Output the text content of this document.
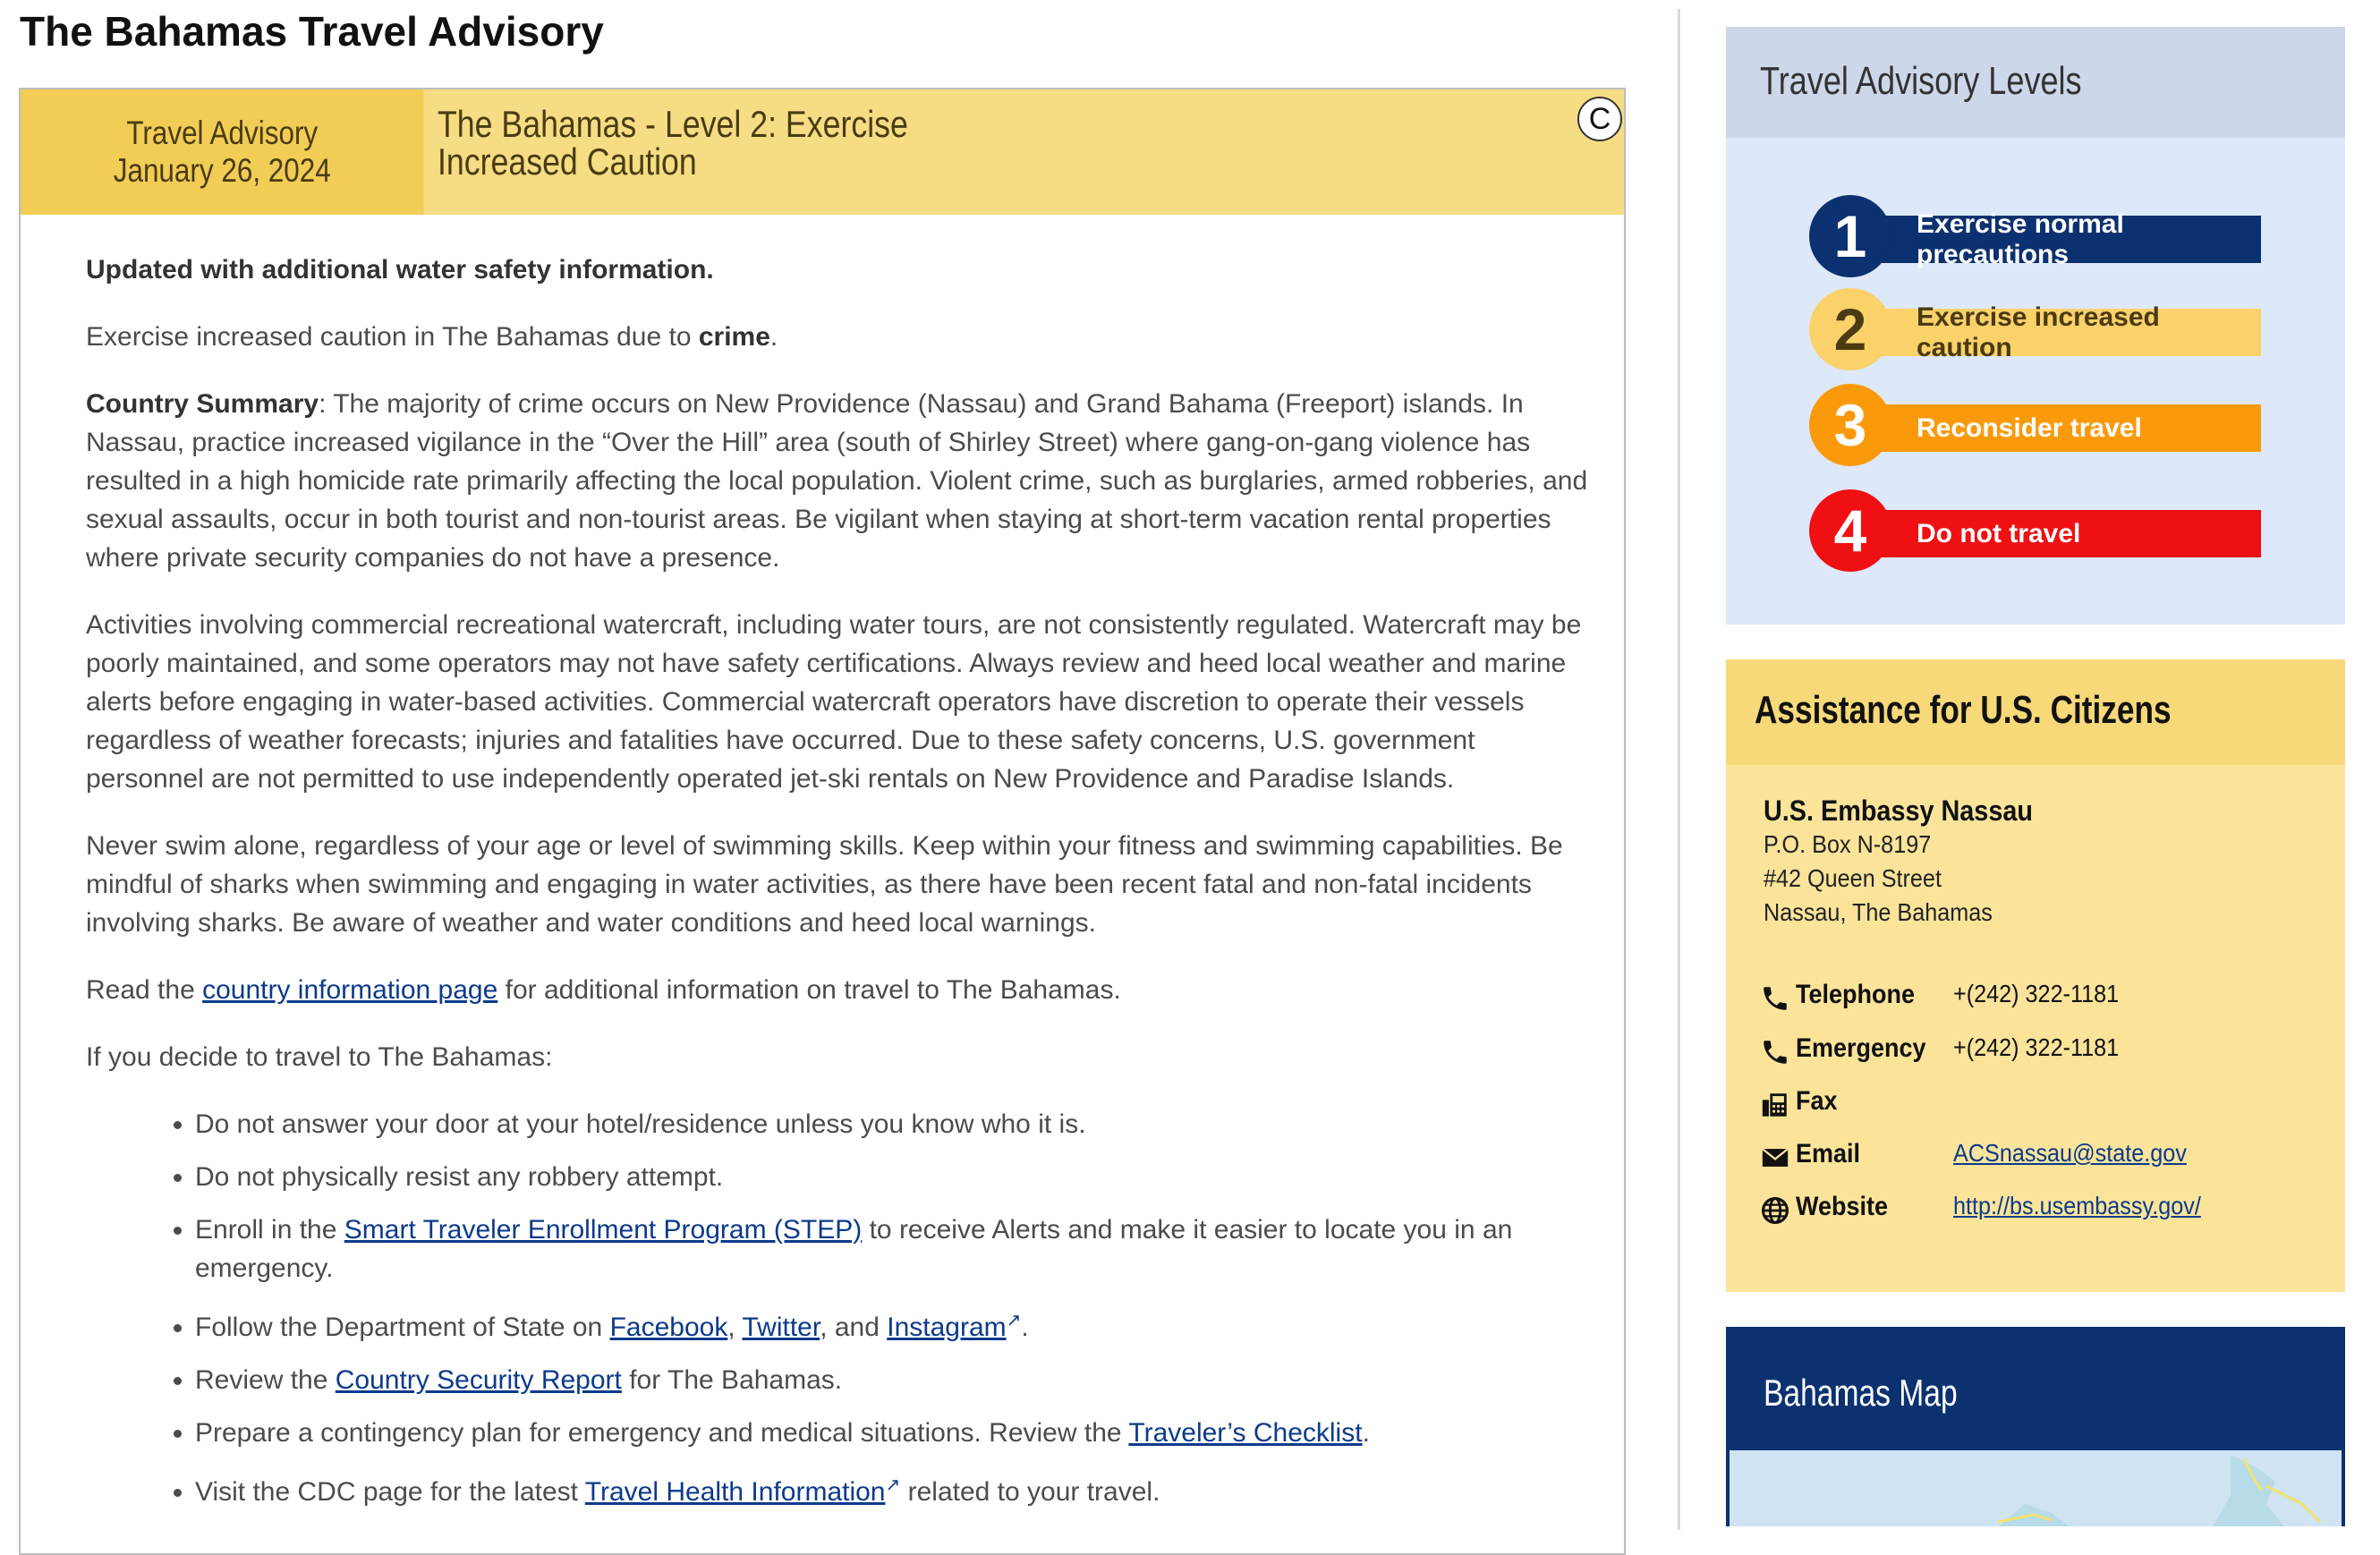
The Bahamas Travel Advisory
Travel Advisory
January 26, 2024
The Bahamas - Level 2: Exercise Increased Caution
C

Updated with additional water safety information.

Exercise increased caution in The Bahamas due to crime.

Country Summary: The majority of crime occurs on New Providence (Nassau) and Grand Bahama (Freeport) islands. In Nassau, practice increased vigilance in the “Over the Hill” area (south of Shirley Street) where gang-on-gang violence has resulted in a high homicide rate primarily affecting the local population. Violent crime, such as burglaries, armed robberies, and sexual assaults, occur in both tourist and non-tourist areas. Be vigilant when staying at short-term vacation rental properties where private security companies do not have a presence.

Activities involving commercial recreational watercraft, including water tours, are not consistently regulated. Watercraft may be poorly maintained, and some operators may not have safety certifications. Always review and heed local weather and marine alerts before engaging in water-based activities. Commercial watercraft operators have discretion to operate their vessels regardless of weather forecasts; injuries and fatalities have occurred. Due to these safety concerns, U.S. government personnel are not permitted to use independently operated jet-ski rentals on New Providence and Paradise Islands.

Never swim alone, regardless of your age or level of swimming skills. Keep within your fitness and swimming capabilities. Be mindful of sharks when swimming and engaging in water activities, as there have been recent fatal and non-fatal incidents involving sharks. Be aware of weather and water conditions and heed local warnings.

Read the country information page for additional information on travel to The Bahamas.

If you decide to travel to The Bahamas:

• Do not answer your door at your hotel/residence unless you know who it is.
• Do not physically resist any robbery attempt.
• Enroll in the Smart Traveler Enrollment Program (STEP) to receive Alerts and make it easier to locate you in an emergency.
• Follow the Department of State on Facebook, Twitter, and Instagram↗.
• Review the Country Security Report for The Bahamas.
• Prepare a contingency plan for emergency and medical situations. Review the Traveler’s Checklist.
• Visit the CDC page for the latest Travel Health Information↗ related to your travel.
Travel Advisory Levels
Exercise normal precautions
1
Exercise increased caution
2
Reconsider travel
3
Do not travel
4
Assistance for U.S. Citizens
U.S. Embassy Nassau
P.O. Box N-8197
#42 Queen Street
Nassau, The Bahamas
Telephone +(242) 322-1181
Emergency +(242) 322-1181
Fax
Email	ACSnassau@state.gov
Website	http://bs.usembassy.gov/
Bahamas Map
